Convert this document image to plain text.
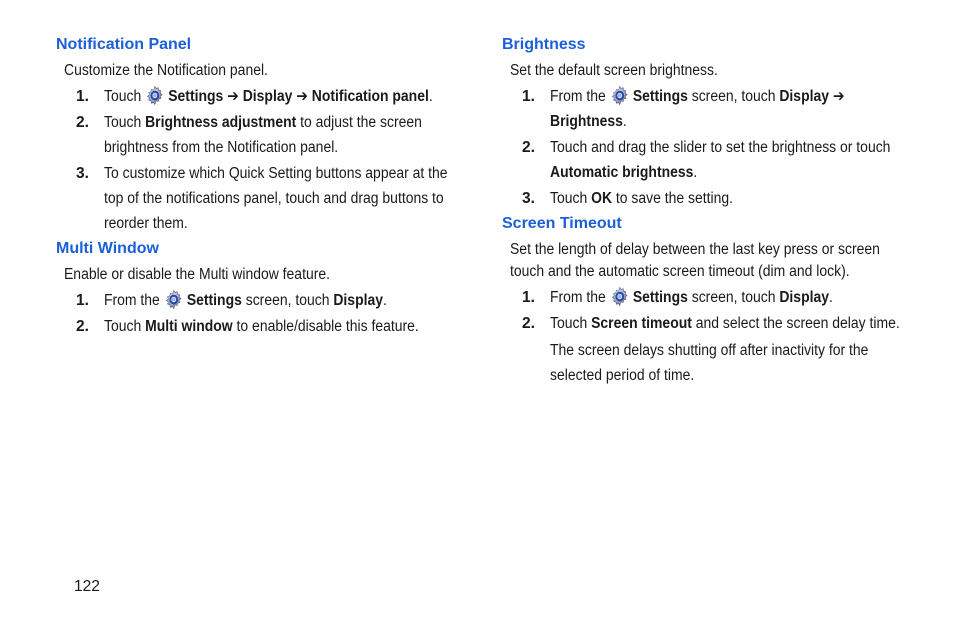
Notification Panel
Customize the Notification panel.
1. Touch Settings ➔ Display ➔ Notification panel.
2. Touch Brightness adjustment to adjust the screen brightness from the Notification panel.
3. To customize which Quick Setting buttons appear at the top of the notifications panel, touch and drag buttons to reorder them.
Multi Window
Enable or disable the Multi window feature.
1. From the Settings screen, touch Display.
2. Touch Multi window to enable/disable this feature.
Brightness
Set the default screen brightness.
1. From the Settings screen, touch Display ➔
Brightness.
2. Touch and drag the slider to set the brightness or touch Automatic brightness.
3. Touch OK to save the setting.
Screen Timeout
Set the length of delay between the last key press or screen touch and the automatic screen timeout (dim and lock).
1. From the Settings screen, touch Display.
2. Touch Screen timeout and select the screen delay time.
The screen delays shutting off after inactivity for the selected period of time.
122
